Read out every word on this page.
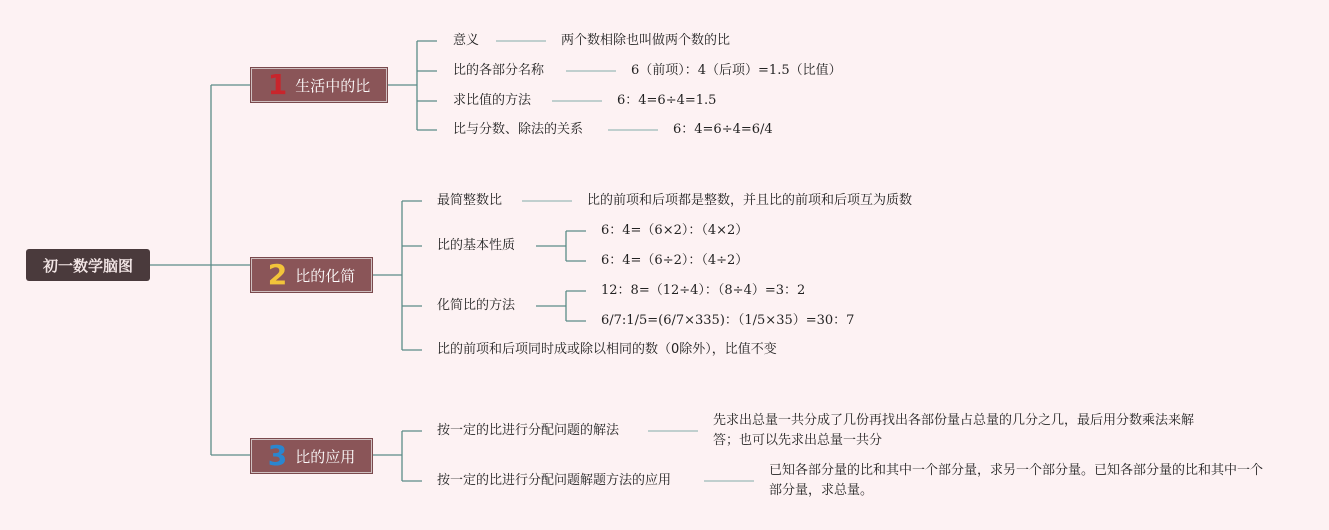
初一数学脑图
1 生活中的比
意义	两个数相除也叫做两个数的比
比的各部分名称	6（前项）：4（后项）=1.5（比值）
求比值的方法	6：4=6÷4=1.5
比与分数、除法的关系	6：4=6÷4=6/4
2 比的化简
最简整数比	比的前项和后项都是整数，并且比的前项和后项互为质数
比的基本性质
6：4=（6×2）：（4×2）
6：4=（6÷2）：（4÷2）
化简比的方法
12：8=（12÷4）：（8÷4）=3：2
6/7:1/5=(6/7×335)：（1/5×35）=30：7
比的前项和后项同时成或除以相同的数（0除外），比值不变
3 比的应用
按一定的比进行分配问题的解法
先求出总量一共分成了几份再找出各部份量占总量的几分之几，最后用分数乘法来解答；也可以先求出总量一共分
按一定的比进行分配问题解题方法的应用
已知各部分量的比和其中一个部分量，求另一个部分量。已知各部分量的比和其中一个部分量，求总量。
